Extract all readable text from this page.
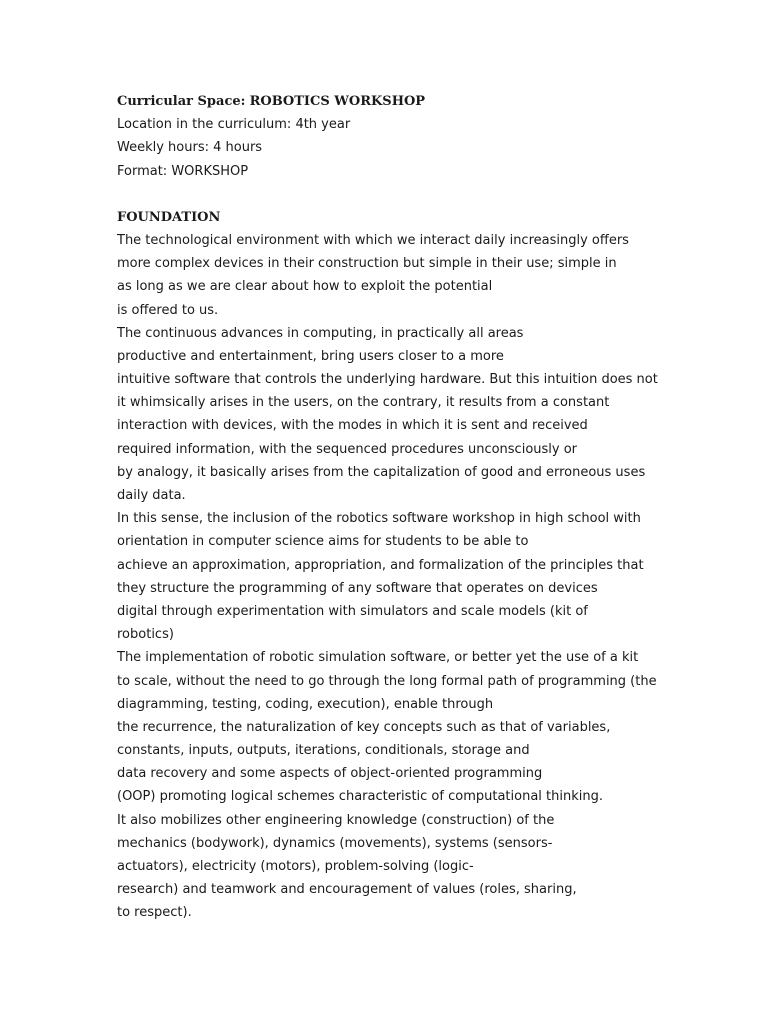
Curricular Space: ROBOTICS WORKSHOP
Location in the curriculum: 4th year
Weekly hours: 4 hours
Format: WORKSHOP
FOUNDATION
The technological environment with which we interact daily increasingly offers
more complex devices in their construction but simple in their use; simple in
as long as we are clear about how to exploit the potential
is offered to us.
The continuous advances in computing, in practically all areas
productive and entertainment, bring users closer to a more
intuitive software that controls the underlying hardware. But this intuition does not
it whimsically arises in the users, on the contrary, it results from a constant
interaction with devices, with the modes in which it is sent and received
required information, with the sequenced procedures unconsciously or
by analogy, it basically arises from the capitalization of good and erroneous uses
daily data.
In this sense, the inclusion of the robotics software workshop in high school with
orientation in computer science aims for students to be able to
achieve an approximation, appropriation, and formalization of the principles that
they structure the programming of any software that operates on devices
digital through experimentation with simulators and scale models (kit of
robotics)
The implementation of robotic simulation software, or better yet the use of a kit
to scale, without the need to go through the long formal path of programming (the
diagramming, testing, coding, execution), enable through
the recurrence, the naturalization of key concepts such as that of variables,
constants, inputs, outputs, iterations, conditionals, storage and
data recovery and some aspects of object-oriented programming
(OOP) promoting logical schemes characteristic of computational thinking.
It also mobilizes other engineering knowledge (construction) of the
mechanics (bodywork), dynamics (movements), systems (sensors-
actuators), electricity (motors), problem-solving (logic-
research) and teamwork and encouragement of values (roles, sharing,
to respect).
